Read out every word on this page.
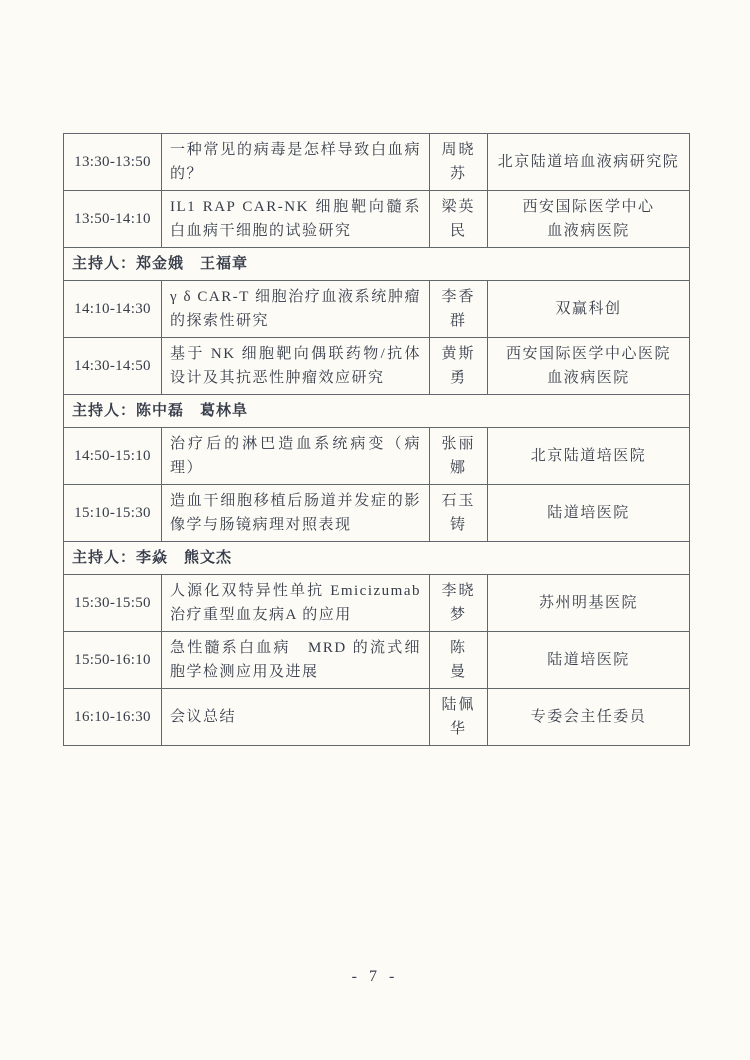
13:30-13:50	一种常见的病毒是怎样导致白血病的？	周晓苏	北京陆道培血液病研究院

13:50-14:10	IL1 RAP CAR-NK 细胞靶向髓系白血病干细胞的试验研究	梁英民	西安国际医学中心
血液病医院

主持人：郑金娥　王福章			
14:10-14:30	γ δ CAR-T 细胞治疗血液系统肿瘤的探索性研究	李香群	双赢科创

14:30-14:50	基于 NK 细胞靶向偶联药物/抗体设计及其抗恶性肿瘤效应研究	黄斯勇	西安国际医学中心医院
血液病医院

主持人：陈中磊　葛林阜			
14:50-15:10	治疗后的淋巴造血系统病变（病理）	张丽娜	北京陆道培医院

15:10-15:30	造血干细胞移植后肠道并发症的影像学与肠镜病理对照表现	石玉铸	陆道培医院

主持人：李焱　熊文杰			
15:30-15:50	人源化双特异性单抗 Emicizumab 治疗重型血友病A 的应用	李晓梦	苏州明基医院

15:50-16:10	急性髓系白血病　MRD 的流式细胞学检测应用及进展	陈　曼	陆道培医院

16:10-16:30	会议总结	陆佩华	专委会主任委员
- 7 -
